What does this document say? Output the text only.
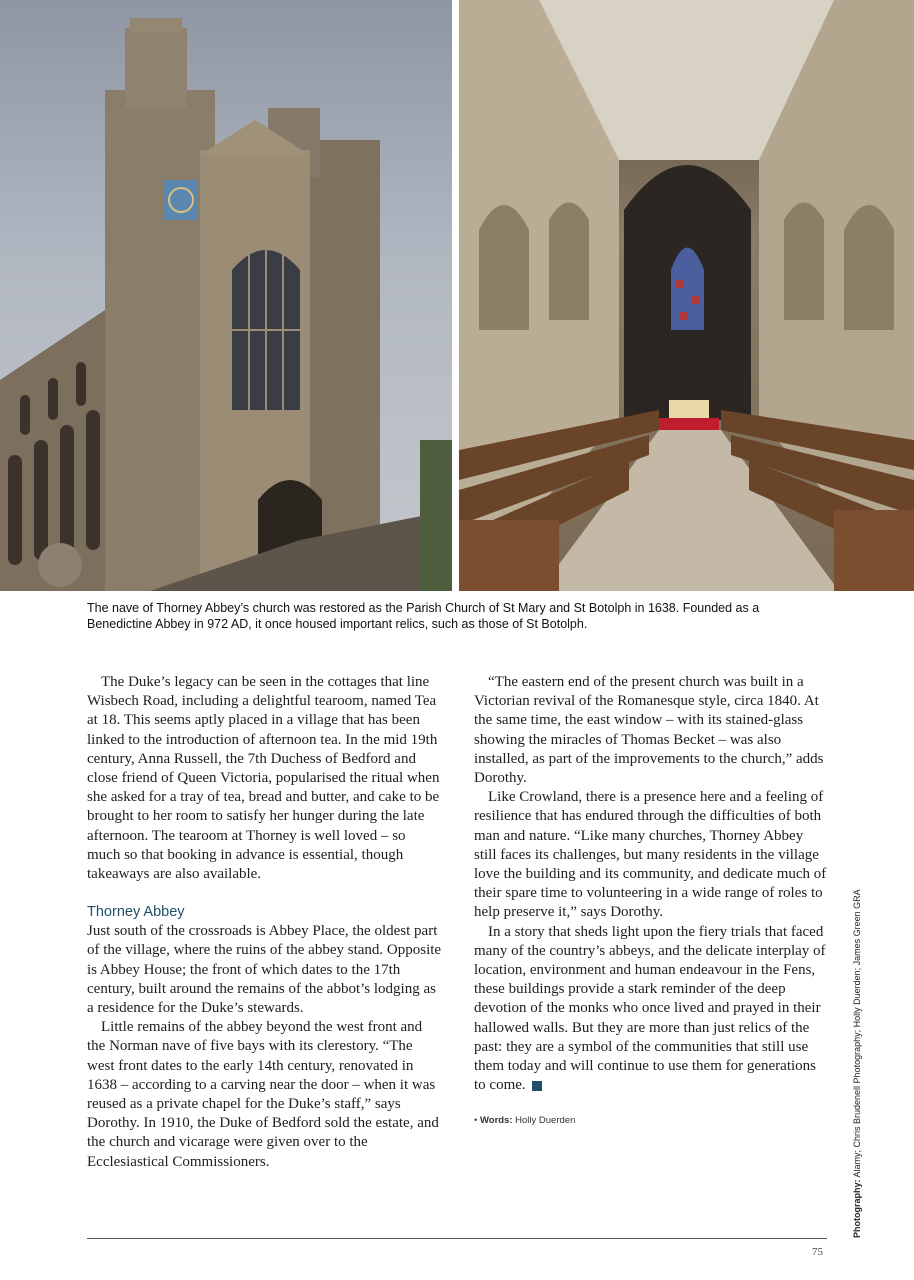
The nave of Thorney Abbey’s church was restored as the Parish Church of St Mary and St Botolph in 1638. Founded as a Benedictine Abbey in 972 AD, it once housed important relics, such as those of St Botolph.

The Duke’s legacy can be seen in the cottages that line Wisbech Road, including a delightful tearoom, named Tea at 18. This seems aptly placed in a village that has been linked to the introduction of afternoon tea. In the mid 19th century, Anna Russell, the 7th Duchess of Bedford and close friend of Queen Victoria, popularised the ritual when she asked for a tray of tea, bread and butter, and cake to be brought to her room to satisfy her hunger during the late afternoon. The tearoom at Thorney is well loved – so much so that booking in advance is essential, though takeaways are also available.

Thorney Abbey

Just south of the crossroads is Abbey Place, the oldest part of the village, where the ruins of the abbey stand. Opposite is Abbey House; the front of which dates to the 17th century, built around the remains of the abbot’s lodging as a residence for the Duke’s stewards.

Little remains of the abbey beyond the west front and the Norman nave of five bays with its clerestory. “The west front dates to the early 14th century, renovated in 1638 – according to a carving near the door – when it was reused as a private chapel for the Duke’s staff,” says Dorothy. In 1910, the Duke of Bedford sold the estate, and the church and vicarage were given over to the Ecclesiastical Commissioners.

“The eastern end of the present church was built in a Victorian revival of the Romanesque style, circa 1840. At the same time, the east window – with its stained-glass showing the miracles of Thomas Becket – was also installed, as part of the improvements to the church,” adds Dorothy.

Like Crowland, there is a presence here and a feeling of resilience that has endured through the difficulties of both man and nature. “Like many churches, Thorney Abbey still faces its challenges, but many residents in the village love the building and its community, and dedicate much of their spare time to volunteering in a wide range of roles to help preserve it,” says Dorothy.

In a story that sheds light upon the fiery trials that faced many of the country’s abbeys, and the delicate interplay of location, environment and human endeavour in the Fens, these buildings provide a stark reminder of the deep devotion of the monks who once lived and prayed in their hallowed walls. But they are more than just relics of the past: they are a symbol of the communities that still use them today and will continue to use them for generations to come.

• Words: Holly Duerden
Photography: Alamy; Chris Brudenell Photography; Holly Duerden; James Green GRA
75
